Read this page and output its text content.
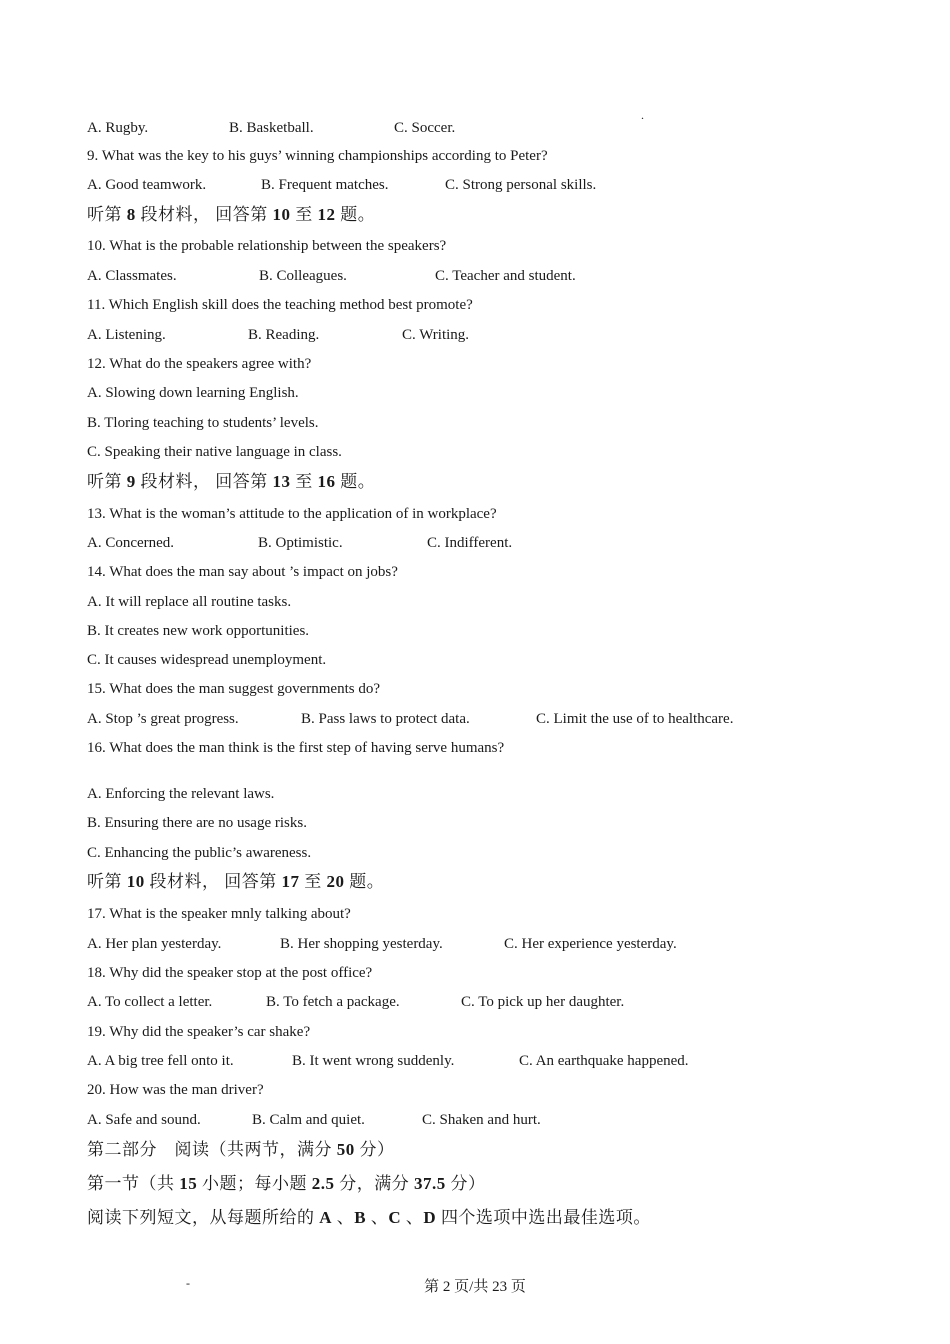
.
A. Rugby.	B. Basketball.	C. Soccer.
9. What was the key to his guys’ winning championships according to Peter?
A. Good teamwork.	B. Frequent matches.	C. Strong personal skills.
听第 8 段材料， 回答第 10 至 12 题。
10. What is the probable relationship between the speakers?
A. Classmates.	B. Colleagues.	C. Teacher and student.
11. Which English skill does the teaching method best promote?
A. Listening.	B. Reading.	C. Writing.
12. What do the speakers agree with?
A. Slowing down learning English.
B. Tloring teaching to students’ levels.
C. Speaking their native language in class.
听第 9 段材料， 回答第 13 至 16 题。
13. What is the woman’s attitude to the application of in workplace?
A. Concerned.	B. Optimistic.	C. Indifferent.
14. What does the man say about ’s impact on jobs?
A. It will replace all routine tasks.
B. It creates new work opportunities.
C. It causes widespread unemployment.
15. What does the man suggest governments do?
A. Stop ’s great progress.	B. Pass laws to protect data.	C. Limit the use of to healthcare.
16. What does the man think is the first step of having serve humans?
A. Enforcing the relevant laws.
B. Ensuring there are no usage risks.
C. Enhancing the public’s awareness.
听第 10 段材料， 回答第 17 至 20 题。
17. What is the speaker mnly talking about?
A. Her plan yesterday.	B. Her shopping yesterday.	C. Her experience yesterday.
18. Why did the speaker stop at the post office?
A. To collect a letter.	B. To fetch a package.	C. To pick up her daughter.
19. Why did the speaker’s car shake?
A. A big tree fell onto it.	B. It went wrong suddenly.	C. An earthquake happened.
20. How was the man driver?
A. Safe and sound.	B. Calm and quiet.	C. Shaken and hurt.
第二部分　阅读（共两节，满分 50 分）
第一节（共 15 小题；每小题 2.5 分，满分 37.5 分）
阅读下列短文，从每题所给的 A 、B 、C 、D 四个选项中选出最佳选项。
-	第 2 页/共 23 页
